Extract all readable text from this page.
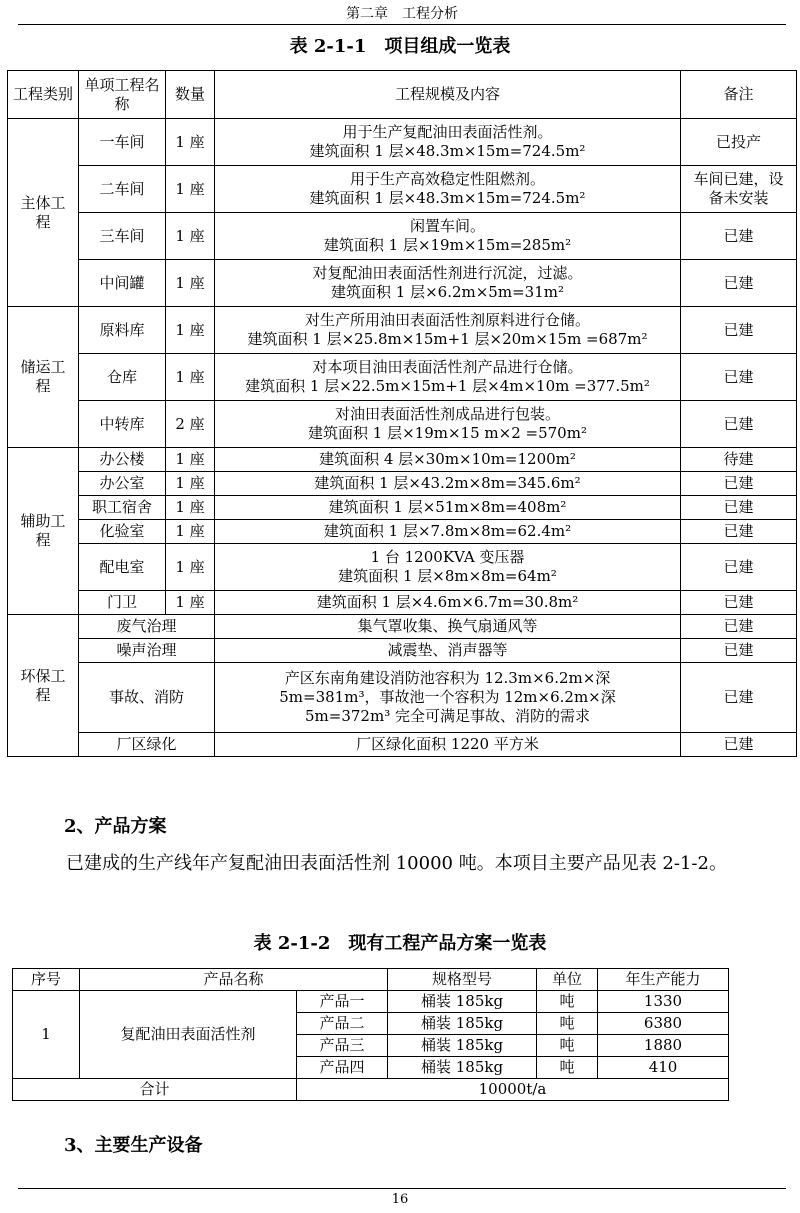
第二章　工程分析
表 2-1-1　项目组成一览表
工程类别	单项工程名称	数量	工程规模及内容	备注
主体工程	一车间	1 座	用于生产复配油田表面活性剂。
建筑面积 1 层×48.3m×15m=724.5m²	已投产
	二车间	1 座	用于生产高效稳定性阻燃剂。
建筑面积 1 层×48.3m×15m=724.5m²	车间已建，设备未安装
	三车间	1 座	闲置车间。
建筑面积 1 层×19m×15m=285m²	已建
	中间罐	1 座	对复配油田表面活性剂进行沉淀，过滤。
建筑面积 1 层×6.2m×5m=31m²	已建
储运工程	原料库	1 座	对生产所用油田表面活性剂原料进行仓储。
建筑面积 1 层×25.8m×15m+1 层×20m×15m =687m²	已建
	仓库	1 座	对本项目油田表面活性剂产品进行仓储。
建筑面积 1 层×22.5m×15m+1 层×4m×10m =377.5m²	已建
	中转库	2 座	对油田表面活性剂成品进行包装。
建筑面积 1 层×19m×15 m×2 =570m²	已建
辅助工程	办公楼	1 座	建筑面积 4 层×30m×10m=1200m²	待建
	办公室	1 座	建筑面积 1 层×43.2m×8m=345.6m²	已建
	职工宿舍	1 座	建筑面积 1 层×51m×8m=408m²	已建
	化验室	1 座	建筑面积 1 层×7.8m×8m=62.4m²	已建
	配电室	1 座	1 台 1200KVA 变压器
建筑面积 1 层×8m×8m=64m²	已建
	门卫	1 座	建筑面积 1 层×4.6m×6.7m=30.8m²	已建
环保工程	废气治理		集气罩收集、换气扇通风等	已建
	噪声治理		减震垫、消声器等	已建
	事故、消防		产区东南角建设消防池容积为 12.3m×6.2m×深
5m=381m³，事故池一个容积为 12m×6.2m×深
5m=372m³ 完全可满足事故、消防的需求	已建
	厂区绿化		厂区绿化面积 1220 平方米	已建
2、产品方案
已建成的生产线年产复配油田表面活性剂 10000 吨。本项目主要产品见表 2-1-2。
表 2-1-2　现有工程产品方案一览表
序号	产品名称		规格型号	单位	年生产能力
1	复配油田表面活性剂	产品一	桶装 185kg	吨	1330
		产品二	桶装 185kg	吨	6380
		产品三	桶装 185kg	吨	1880
		产品四	桶装 185kg	吨	410
合计		10000t/a			
3、主要生产设备
16
